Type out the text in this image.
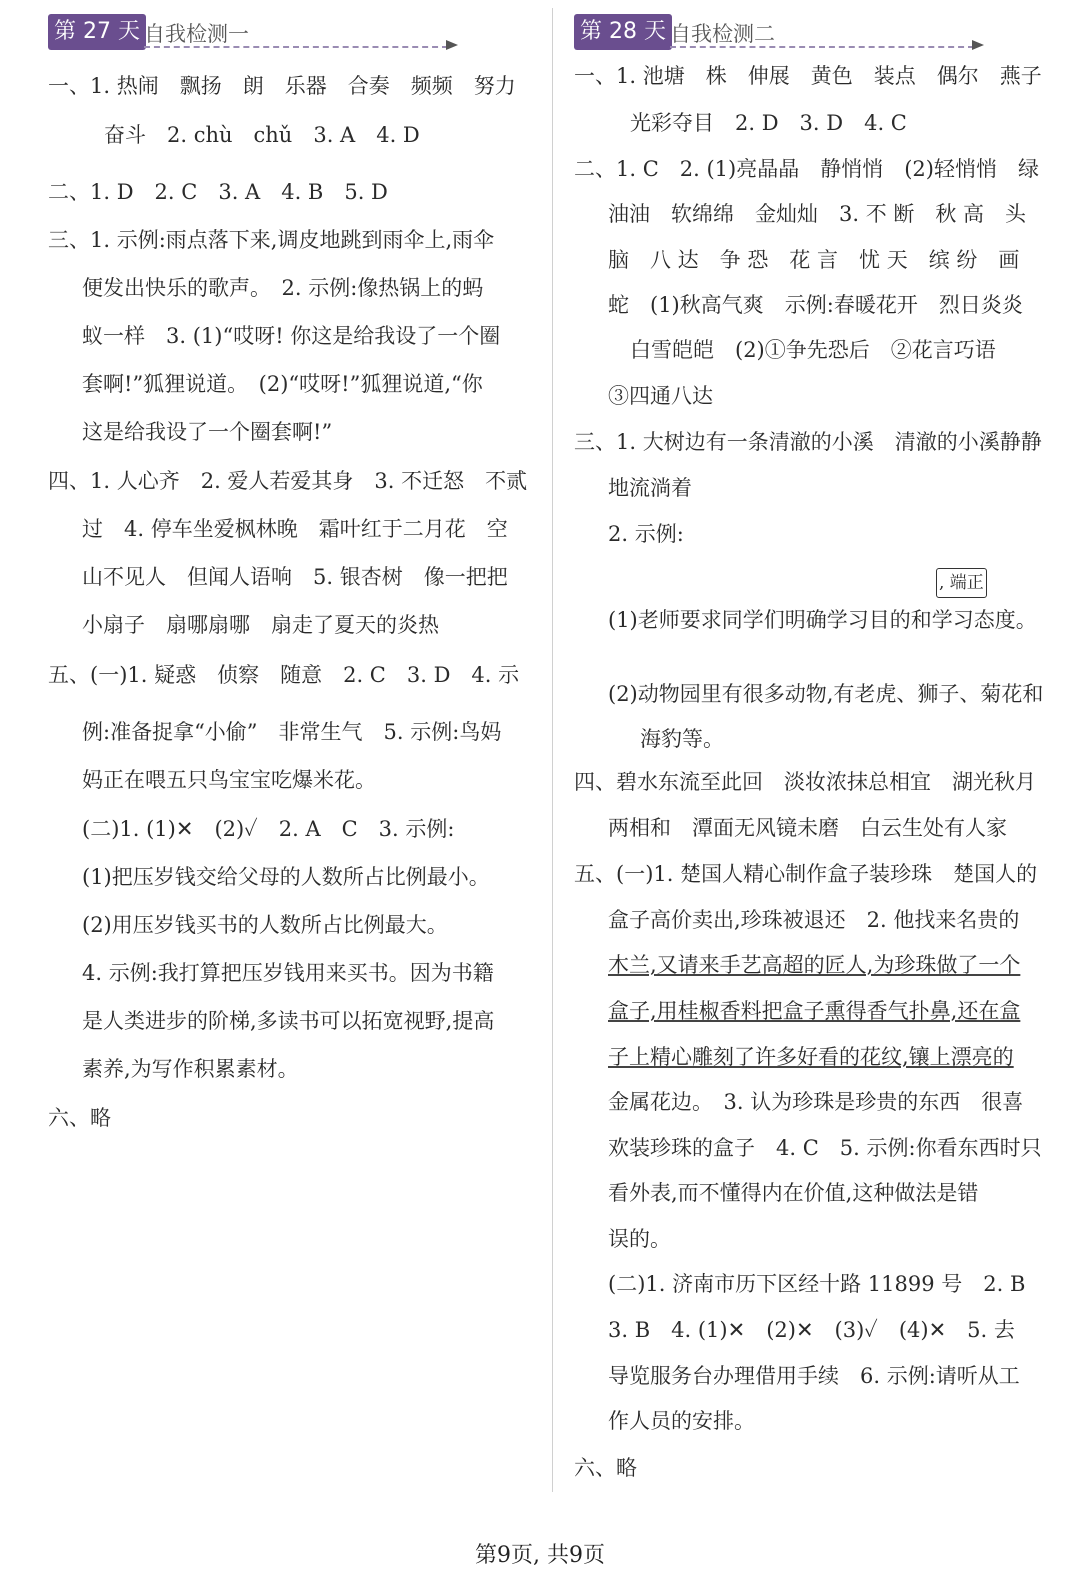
第 27 天 自我检测一
一、1. 热闹　飘扬　朗　乐器　合奏　频频　努力
奋斗　2. chù　chǔ　3. A　4. D
二、1. D　2. C　3. A　4. B　5. D
三、1. 示例:雨点落下来,调皮地跳到雨伞上,雨伞
便发出快乐的歌声。　2. 示例:像热锅上的蚂
蚁一样　3. (1)“哎呀! 你这是给我设了一个圈
套啊!”狐狸说道。　(2)“哎呀!”狐狸说道,“你
这是给我设了一个圈套啊!”
四、1. 人心齐　2. 爱人若爱其身　3. 不迁怒　不贰
过　4. 停车坐爱枫林晚　霜叶红于二月花　空
山不见人　但闻人语响　5. 银杏树　像一把把
小扇子　扇哪扇哪　扇走了夏天的炎热
五、(一)1. 疑惑　侦察　随意　2. C　3. D　4. 示
例:准备捉拿“小偷”　非常生气　5. 示例:鸟妈
妈正在喂五只鸟宝宝吃爆米花。
(二)1. (1)✕　(2)✓　2. A　C　3. 示例:
(1)把压岁钱交给父母的人数所占比例最小。
(2)用压岁钱买书的人数所占比例最大。
4. 示例:我打算把压岁钱用来买书。因为书籍
是人类进步的阶梯,多读书可以拓宽视野,提高
素养,为写作积累素材。
六、略
第 28 天 自我检测二
一、1. 池塘　株　伸展　黄色　装点　偶尔　燕子
光彩夺目　2. D　3. D　4. C
二、1. C　2. (1)亮晶晶　静悄悄　(2)轻悄悄　绿
油油　软绵绵　金灿灿　3. 不 断　秋 高　头
脑　八 达　争 恐　花 言　忧 天　缤 纷　画
蛇　(1)秋高气爽　示例:春暖花开　烈日炎炎
白雪皑皑　(2)①争先恐后　②花言巧语
③四通八达
三、1. 大树边有一条清澈的小溪　清澈的小溪静静
地流淌着
2. 示例:
, 端正
(1)老师要求同学们明确学习目的和学习态度。
(2)动物园里有很多动物,有老虎、狮子、菊花和
海豹等。
四、碧水东流至此回　淡妆浓抹总相宜　湖光秋月
两相和　潭面无风镜未磨　白云生处有人家
五、(一)1. 楚国人精心制作盒子装珍珠　楚国人的
盒子高价卖出,珍珠被退还　2. 他找来名贵的
木兰,又请来手艺高超的匠人,为珍珠做了一个
盒子,用桂椒香料把盒子熏得香气扑鼻,还在盒
子上精心雕刻了许多好看的花纹,镶上漂亮的
金属花边。　3. 认为珍珠是珍贵的东西　很喜
欢装珍珠的盒子　4. C　5. 示例:你看东西时只
看外表,而不懂得内在价值,这种做法是错
误的。
(二)1. 济南市历下区经十路 11899 号　2. B
3. B　4. (1)✕　(2)✕　(3)✓　(4)✕　5. 去
导览服务台办理借用手续　6. 示例:请听从工
作人员的安排。
六、略
第9页, 共9页
